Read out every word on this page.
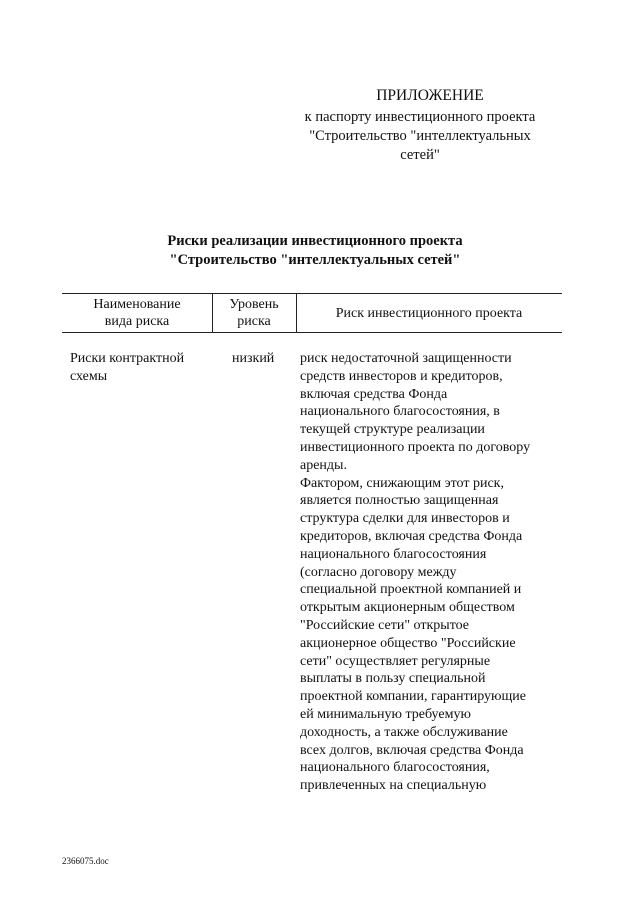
ПРИЛОЖЕНИЕ
к паспорту инвестиционного проекта
"Строительство "интеллектуальных
сетей"
Риски реализации инвестиционного проекта
"Строительство "интеллектуальных сетей"
Наименование
вида риска
Уровень
риска
Риск инвестиционного проекта
Риски контрактной
схемы
низкий	риск недостаточной защищенности
средств инвесторов и кредиторов,
включая средства Фонда
национального благосостояния, в
текущей структуре реализации
инвестиционного проекта по договору
аренды.
Фактором, снижающим этот риск,
является полностью защищенная
структура сделки для инвесторов и
кредиторов, включая средства Фонда
национального благосостояния
(согласно договору между
специальной проектной компанией и
открытым акционерным обществом
"Российские сети" открытое
акционерное общество "Российские
сети" осуществляет регулярные
выплаты в пользу специальной
проектной компании, гарантирующие
ей минимальную требуемую
доходность, а также обслуживание
всех долгов, включая средства Фонда
национального благосостояния,
привлеченных на специальную
2366075.doc
